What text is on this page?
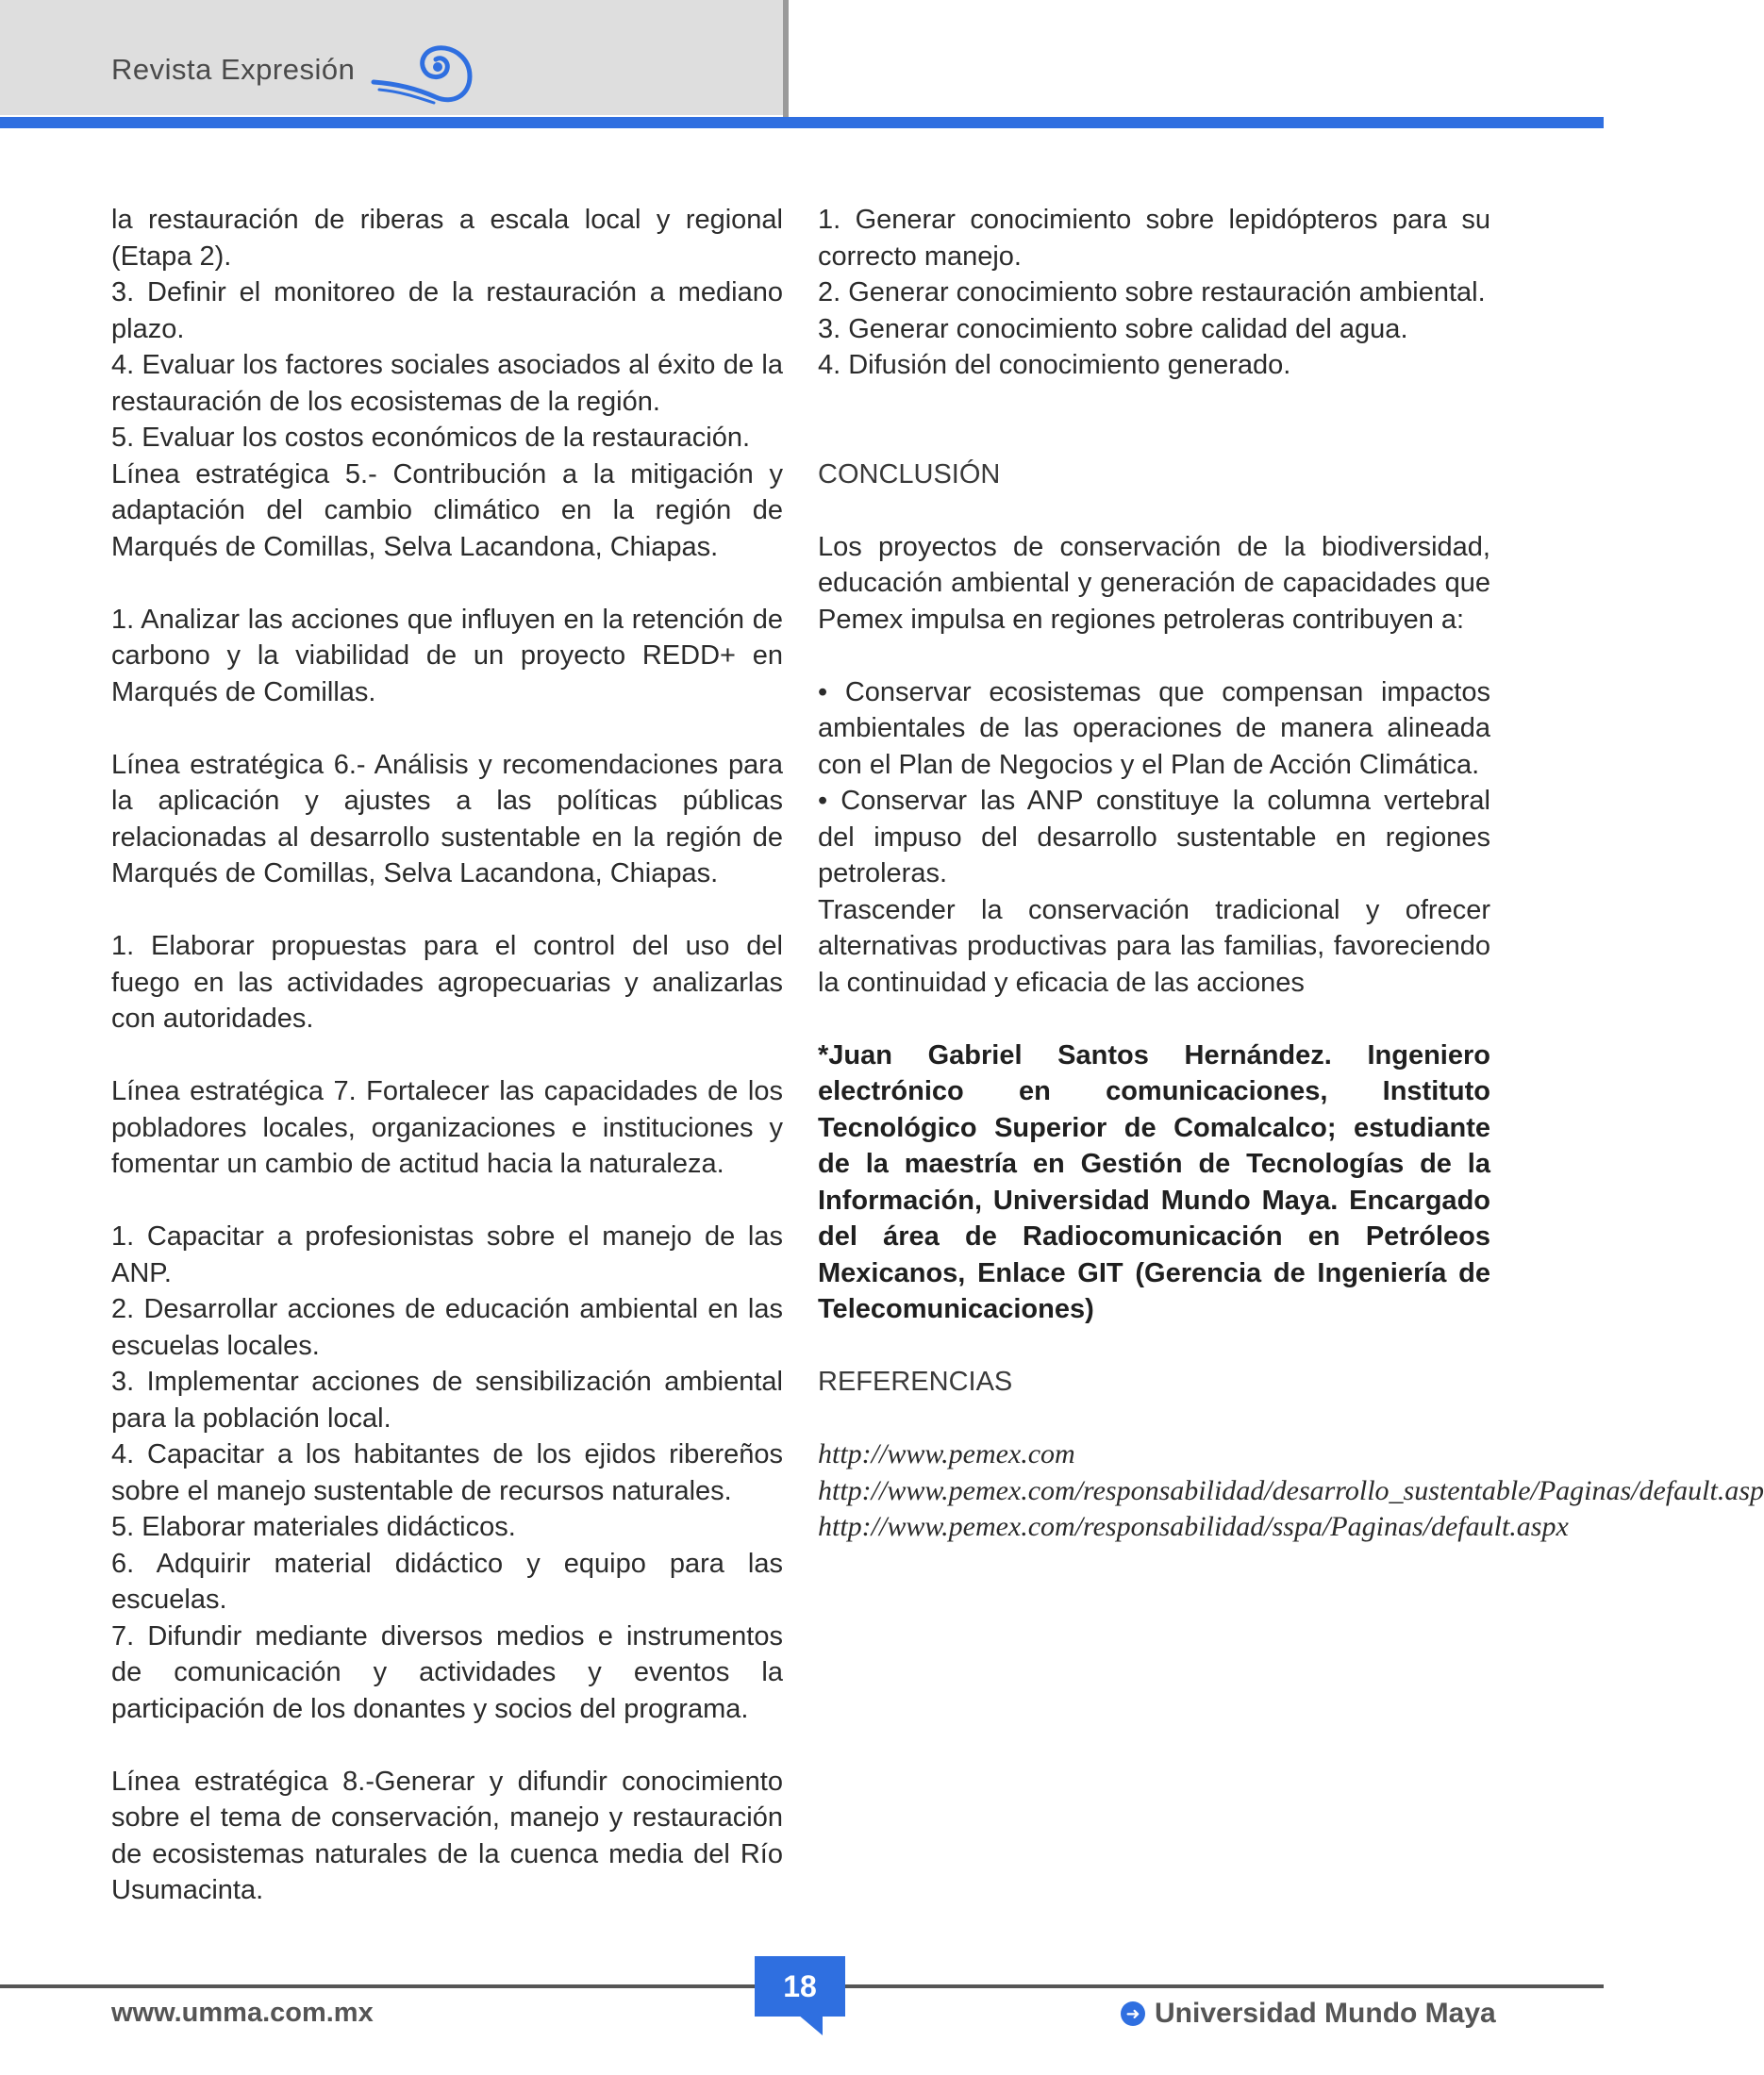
Revista Expresión

la restauración de riberas a escala local y regional (Etapa 2).

3. Definir el monitoreo de la restauración a mediano plazo.

4. Evaluar los factores sociales asociados al éxito de la restauración de los ecosistemas de la región.

5. Evaluar los costos económicos de la restauración.

Línea estratégica 5.- Contribución a la mitigación y adaptación del cambio climático en la región de Marqués de Comillas, Selva Lacandona, Chiapas.

1. Analizar las acciones que influyen en la retención de carbono y la viabilidad de un proyecto REDD+ en Marqués de Comillas.

Línea estratégica 6.- Análisis y recomendaciones para la aplicación y ajustes a las políticas públicas relacionadas al desarrollo sustentable en la región de Marqués de Comillas, Selva Lacandona, Chiapas.

1. Elaborar propuestas para el control del uso del fuego en las actividades agropecuarias y analizarlas con autoridades.

Línea estratégica 7. Fortalecer las capacidades de los pobladores locales, organizaciones e instituciones y fomentar un cambio de actitud hacia la naturaleza.

1. Capacitar a profesionistas sobre el manejo de las ANP.

2. Desarrollar acciones de educación ambiental en las escuelas locales.

3. Implementar acciones de sensibilización ambiental para la población local.

4. Capacitar a los habitantes de los ejidos ribereños sobre el manejo sustentable de recursos naturales.

5. Elaborar materiales didácticos.

6. Adquirir material didáctico y equipo para las escuelas.

7. Difundir mediante diversos medios e instrumentos de comunicación y actividades y eventos la participación de los donantes y socios del programa.

Línea estratégica 8.-Generar y difundir conocimiento sobre el tema de conservación, manejo y restauración de ecosistemas naturales de la cuenca media del Río Usumacinta.

1. Generar conocimiento sobre lepidópteros para su correcto manejo.

2. Generar conocimiento sobre restauración ambiental.

3. Generar conocimiento sobre calidad del agua.

4. Difusión del conocimiento generado.

CONCLUSIÓN

Los proyectos de conservación de la biodiversidad, educación ambiental y generación de capacidades que Pemex impulsa en regiones petroleras contribuyen a:

• Conservar ecosistemas que compensan impactos ambientales de las operaciones de manera alineada con el Plan de Negocios y el Plan de Acción Climática.

• Conservar las ANP constituye la columna vertebral del impuso del desarrollo sustentable en regiones petroleras.

Trascender la conservación tradicional y ofrecer alternativas productivas para las familias, favoreciendo la continuidad y eficacia de las acciones

*Juan Gabriel Santos Hernández. Ingeniero electrónico en comunicaciones, Instituto Tecnológico Superior de Comalcalco; estudiante de la maestría en Gestión de Tecnologías de la Información, Universidad Mundo Maya. Encargado del área de Radiocomunicación en Petróleos Mexicanos, Enlace GIT (Gerencia de Ingeniería de Telecomunicaciones)

REFERENCIAS

http://www.pemex.com

http://www.pemex.com/responsabilidad/desarrollo_sustentable/Paginas/default.asp

http://www.pemex.com/responsabilidad/sspa/Paginas/default.aspx

www.umma.com.mx
18
➜ Universidad Mundo Maya
